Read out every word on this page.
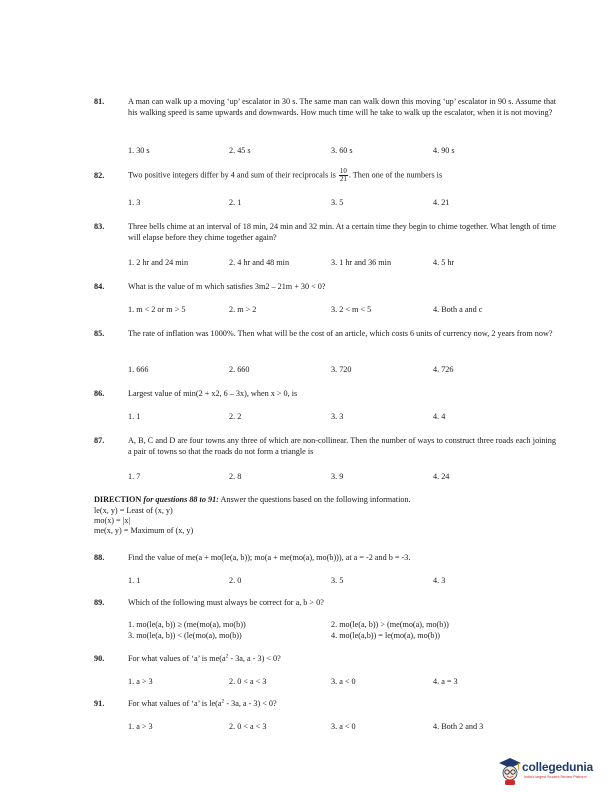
81.	A man can walk up a moving ‘up’ escalator in 30 s. The same man can walk down this moving ‘up’ escalator in 90 s. Assume that his walking speed is same upwards and downwards. How much time will he take to walk up the escalator, when it is not moving?
1. 30 s	2. 45 s	3. 60 s	4. 90 s
82.	Two positive integers differ by 4 and sum of their reciprocals is $\frac{10}{21}$ . Then one of the numbers is
1. 3	2. 1	3. 5	4. 21
83.	Three bells chime at an interval of 18 min, 24 min and 32 min. At a certain time they begin to chime together. What length of time will elapse before they chime together again?
1. 2 hr and 24 min	2. 4 hr and 48 min	3. 1 hr and 36 min	4. 5 hr
84.	What is the value of m which satisfies 3m2 – 21m + 30 < 0?
1. m < 2 or m > 5	2. m > 2	3. 2 < m < 5	4. Both a and c
85.	The rate of inflation was 1000%. Then what will be the cost of an article, which costs 6 units of currency now, 2 years from now?
1. 666	2. 660	3. 720	4. 726
86.	Largest value of min(2 + x2, 6 – 3x), when x > 0, is
1. 1	2. 2	3. 3	4. 4
87.	A, B, C and D are four towns any three of which are non-collinear. Then the number of ways to construct three roads each joining a pair of towns so that the roads do not form a triangle is
1. 7	2. 8	3. 9	4. 24
DIRECTION for questions 88 to 91: Answer the questions based on the following information.
le(x, y) = Least of (x, y)
mo(x) = |x|
me(x, y) = Maximum of (x, y)
88.	Find the value of me(a + mo(le(a, b)); mo(a + me(mo(a), mo(b))), at a = -2 and b = -3.
1. 1	2. 0	3. 5	4. 3
89.	Which of the following must always be correct for a, b > 0?
1. mo(le(a, b)) ≥ (me(mo(a), mo(b))	2. mo(le(a, b)) > (me(mo(a), mo(b))
3. mo(le(a, b)) < (le(mo(a), mo(b))	4. mo(le(a,b)) = le(mo(a), mo(b))
90.	For what values of ‘a’ is $me(a^2 - 3a$, a - 3) < 0?
1. a > 3	2. 0 < a < 3	3. a < 0	4. a = 3
91.	For what values of ‘a’ is $le(a^2 - 3a$, a - 3) < 0?
1. a > 3	2. 0 < a < 3	3. a < 0	4. Both 2 and 3
collegedunia
India's largest Student Review Platform
